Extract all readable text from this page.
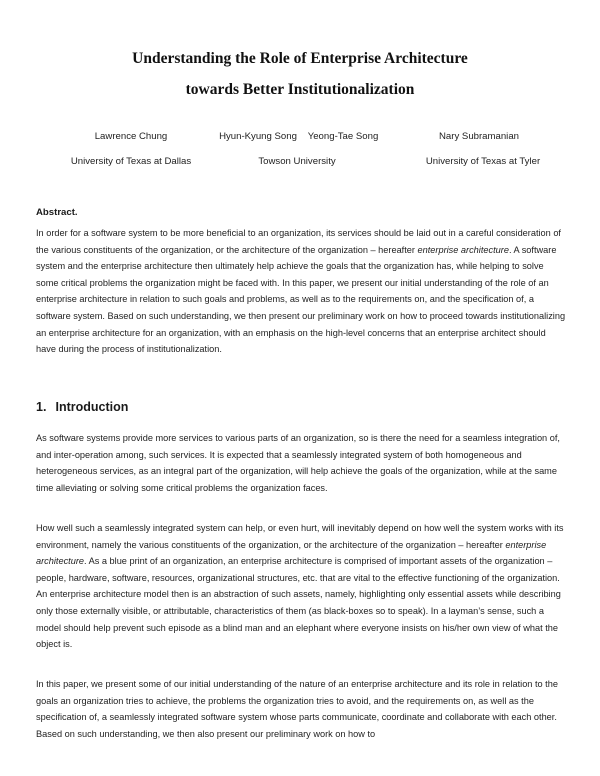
Understanding the Role of Enterprise Architecture
towards Better Institutionalization
Lawrence Chung	Hyun-Kyung Song Yeong-Tae Song	Nary Subramanian
University of Texas at Dallas	Towson University	University of Texas at Tyler
Abstract.

In order for a software system to be more beneficial to an organization, its services should be laid out in a careful consideration of the various constituents of the organization, or the architecture of the organization – hereafter enterprise architecture. A software system and the enterprise architecture then ultimately help achieve the goals that the organization has, while helping to solve some critical problems the organization might be faced with. In this paper, we present our initial understanding of the role of an enterprise architecture in relation to such goals and problems, as well as to the requirements on, and the specification of, a software system. Based on such understanding, we then present our preliminary work on how to proceed towards institutionalizing an enterprise architecture for an organization, with an emphasis on the high-level concerns that an enterprise architect should have during the process of institutionalization.

1. Introduction

As software systems provide more services to various parts of an organization, so is there the need for a seamless integration of, and inter-operation among, such services. It is expected that a seamlessly integrated system of both homogeneous and heterogeneous services, as an integral part of the organization, will help achieve the goals of the organization, while at the same time alleviating or solving some critical problems the organization faces.

How well such a seamlessly integrated system can help, or even hurt, will inevitably depend on how well the system works with its environment, namely the various constituents of the organization, or the architecture of the organization – hereafter enterprise architecture. As a blue print of an organization, an enterprise architecture is comprised of important assets of the organization – people, hardware, software, resources, organizational structures, etc. that are vital to the effective functioning of the organization. An enterprise architecture model then is an abstraction of such assets, namely, highlighting only essential assets while describing only those externally visible, or attributable, characteristics of them (as black-boxes so to speak). In a layman’s sense, such a model should help prevent such episode as a blind man and an elephant where everyone insists on his/her own view of what the object is.

In this paper, we present some of our initial understanding of the nature of an enterprise architecture and its role in relation to the goals an organization tries to achieve, the problems the organization tries to avoid, and the requirements on, as well as the specification of, a seamlessly integrated software system whose parts communicate, coordinate and collaborate with each other. Based on such understanding, we then also present our preliminary work on how to
